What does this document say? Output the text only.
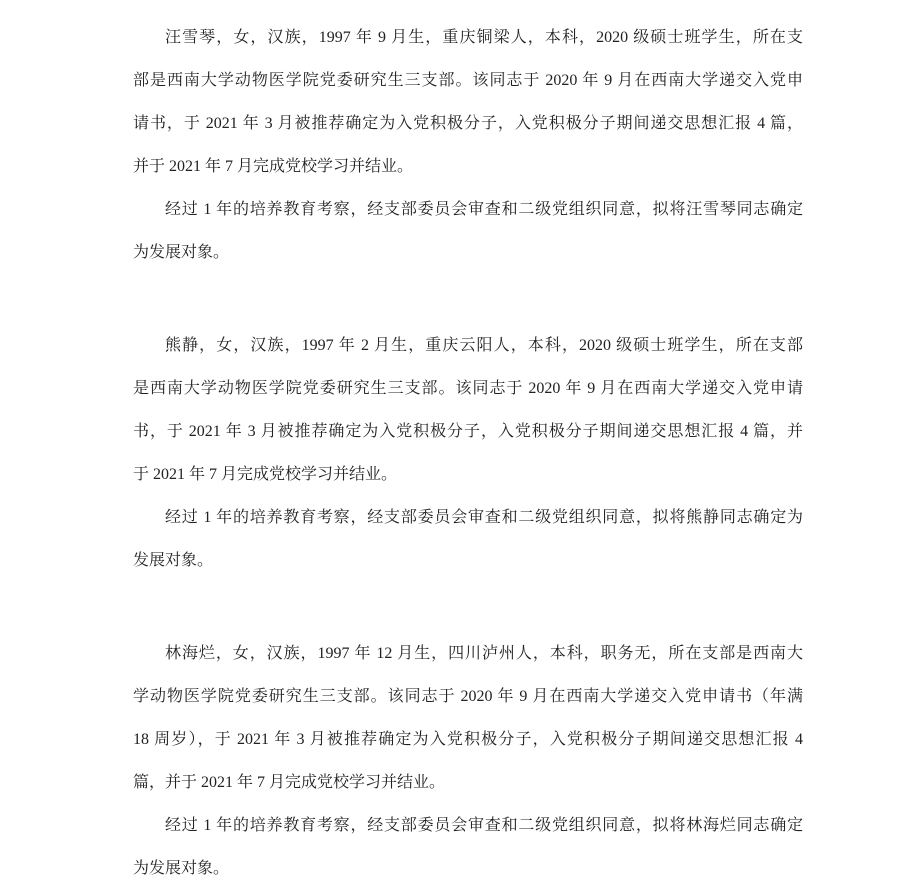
汪雪琴，女，汉族，1997 年 9 月生，重庆铜梁人，本科，2020 级硕士班学生，所在支
部是西南大学动物医学院党委研究生三支部。该同志于 2020 年 9 月在西南大学递交入党申
请书，于 2021 年 3 月被推荐确定为入党积极分子，入党积极分子期间递交思想汇报 4 篇，
并于 2021 年 7 月完成党校学习并结业。
经过 1 年的培养教育考察，经支部委员会审查和二级党组织同意，拟将汪雪琴同志确定
为发展对象。
熊静，女，汉族，1997 年 2 月生，重庆云阳人，本科，2020 级硕士班学生，所在支部
是西南大学动物医学院党委研究生三支部。该同志于 2020 年 9 月在西南大学递交入党申请
书，于 2021 年 3 月被推荐确定为入党积极分子，入党积极分子期间递交思想汇报 4 篇，并
于 2021 年 7 月完成党校学习并结业。
经过 1 年的培养教育考察，经支部委员会审查和二级党组织同意，拟将熊静同志确定为
发展对象。
林海烂，女，汉族，1997 年 12 月生，四川泸州人，本科，职务无，所在支部是西南大
学动物医学院党委研究生三支部。该同志于 2020 年 9 月在西南大学递交入党申请书（年满
18 周岁），于 2021 年 3 月被推荐确定为入党积极分子，入党积极分子期间递交思想汇报 4
篇，并于 2021 年 7 月完成党校学习并结业。
经过 1 年的培养教育考察，经支部委员会审查和二级党组织同意，拟将林海烂同志确定
为发展对象。
